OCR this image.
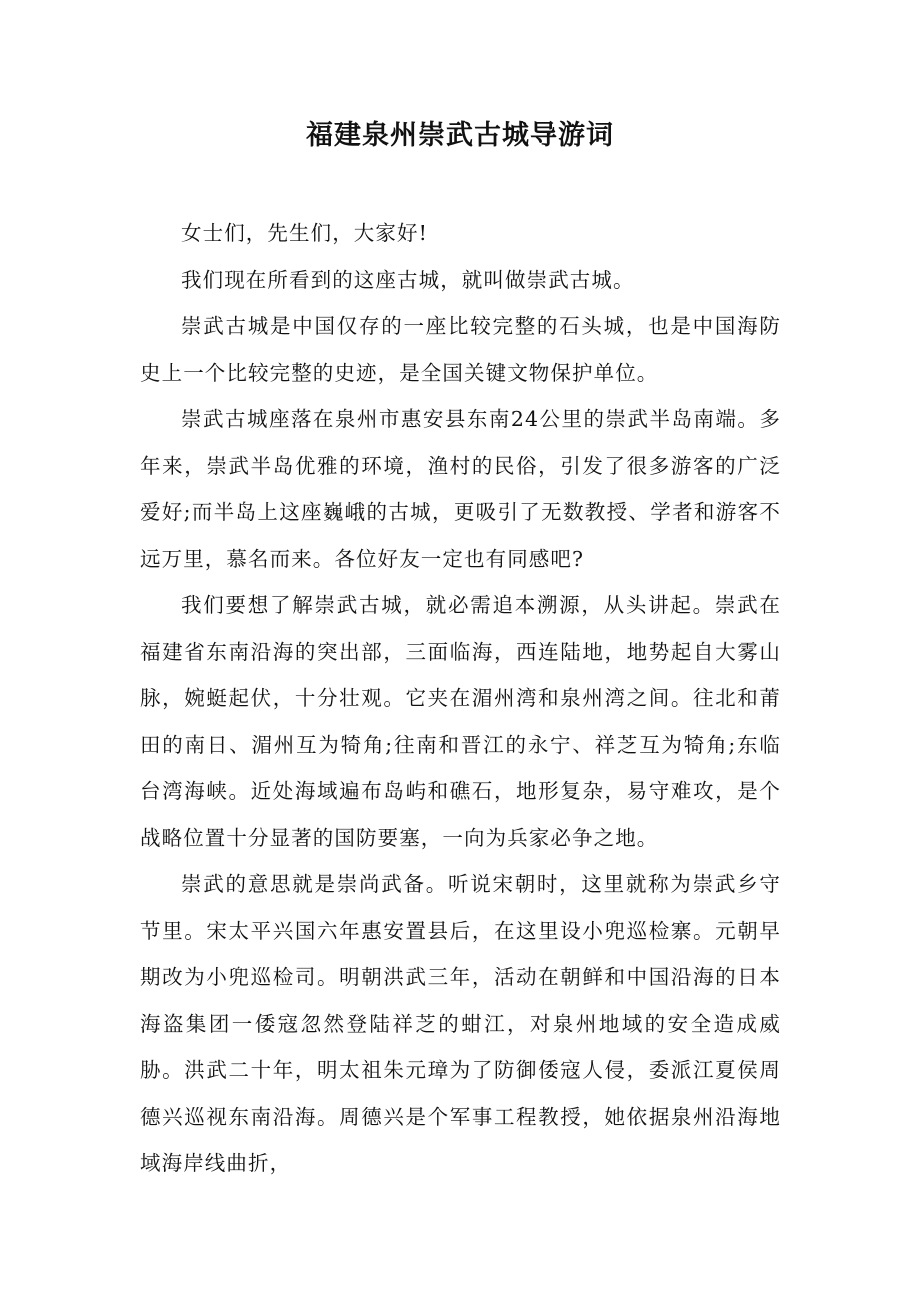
福建泉州崇武古城导游词

女士们，先生们，大家好!

我们现在所看到的这座古城，就叫做崇武古城。

崇武古城是中国仅存的一座比较完整的石头城，也是中国海防史上一个比较完整的史迹，是全国关键文物保护单位。

崇武古城座落在泉州市惠安县东南24公里的崇武半岛南端。多年来，崇武半岛优雅的环境，渔村的民俗，引发了很多游客的广泛爱好;而半岛上这座巍峨的古城，更吸引了无数教授、学者和游客不远万里，慕名而来。各位好友一定也有同感吧?

我们要想了解崇武古城，就必需追本溯源，从头讲起。崇武在福建省东南沿海的突出部，三面临海，西连陆地，地势起自大雾山脉，婉蜓起伏，十分壮观。它夹在湄州湾和泉州湾之间。往北和莆田的南日、湄州互为犄角;往南和晋江的永宁、祥芝互为犄角;东临台湾海峡。近处海域遍布岛屿和礁石，地形复杂，易守难攻，是个战略位置十分显著的国防要塞，一向为兵家必争之地。

崇武的意思就是崇尚武备。听说宋朝时，这里就称为崇武乡守节里。宋太平兴国六年惠安置县后，在这里设小兜巡检寨。元朝早期改为小兜巡检司。明朝洪武三年，活动在朝鲜和中国沿海的日本海盗集团一倭寇忽然登陆祥芝的蚶江，对泉州地域的安全造成威胁。洪武二十年，明太祖朱元璋为了防御倭寇人侵，委派江夏侯周德兴巡视东南沿海。周德兴是个军事工程教授，她依据泉州沿海地域海岸线曲折，
